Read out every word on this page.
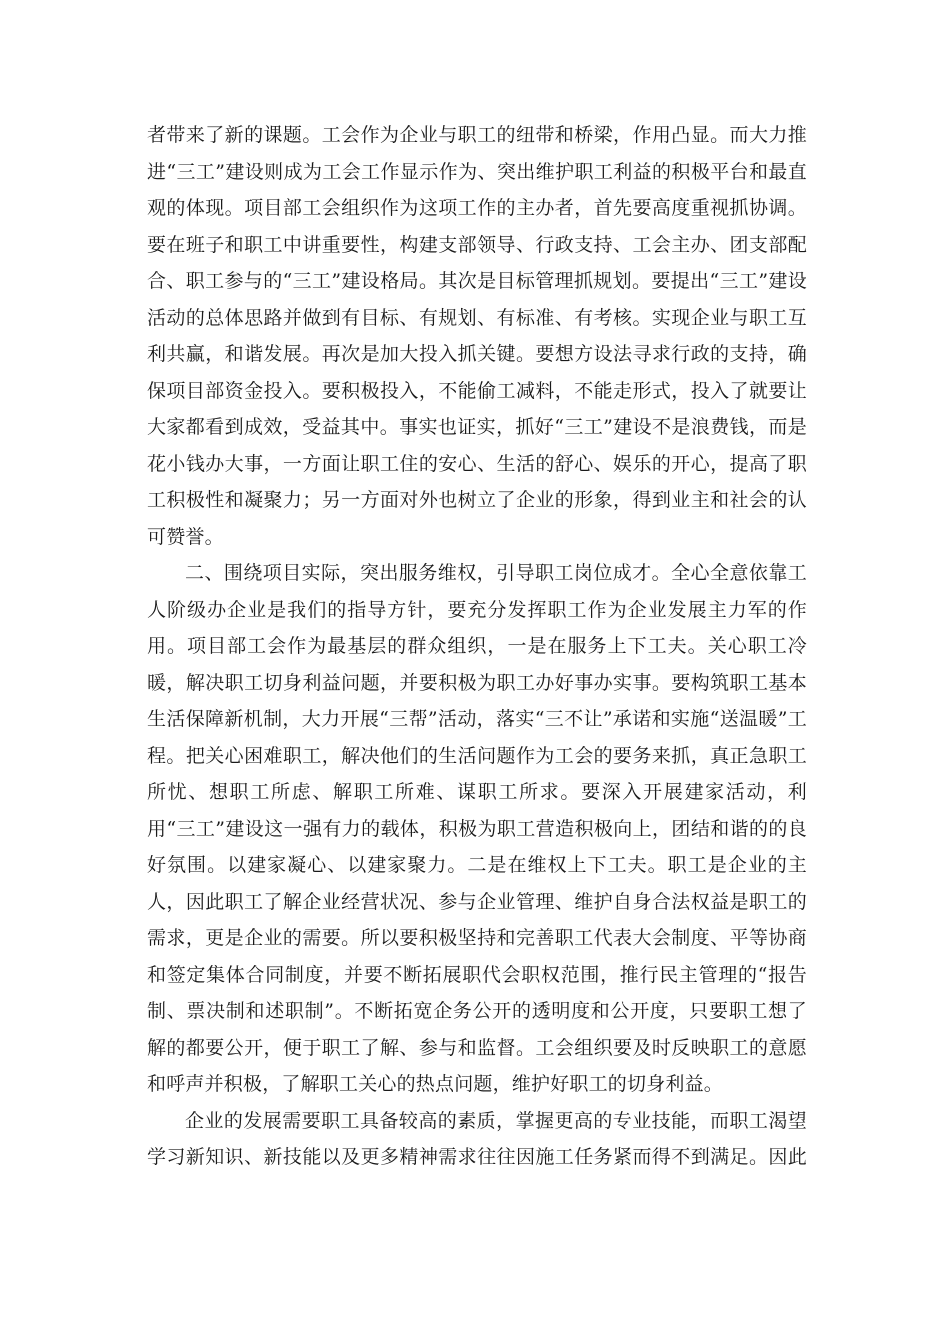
者带来了新的课题。工会作为企业与职工的纽带和桥梁，作用凸显。而大力推
进“三工”建设则成为工会工作显示作为、突出维护职工利益的积极平台和最直
观的体现。项目部工会组织作为这项工作的主办者，首先要高度重视抓协调。
要在班子和职工中讲重要性，构建支部领导、行政支持、工会主办、团支部配
合、职工参与的“三工”建设格局。其次是目标管理抓规划。要提出“三工”建设
活动的总体思路并做到有目标、有规划、有标准、有考核。实现企业与职工互
利共赢，和谐发展。再次是加大投入抓关键。要想方设法寻求行政的支持，确
保项目部资金投入。要积极投入，不能偷工减料，不能走形式，投入了就要让
大家都看到成效，受益其中。事实也证实，抓好“三工”建设不是浪费钱，而是
花小钱办大事，一方面让职工住的安心、生活的舒心、娱乐的开心，提高了职
工积极性和凝聚力；另一方面对外也树立了企业的形象，得到业主和社会的认
可赞誉。
二、围绕项目实际，突出服务维权，引导职工岗位成才。全心全意依靠工
人阶级办企业是我们的指导方针，要充分发挥职工作为企业发展主力军的作
用。项目部工会作为最基层的群众组织，一是在服务上下工夫。关心职工冷
暖，解决职工切身利益问题，并要积极为职工办好事办实事。要构筑职工基本
生活保障新机制，大力开展“三帮”活动，落实“三不让”承诺和实施“送温暖”工
程。把关心困难职工，解决他们的生活问题作为工会的要务来抓，真正急职工
所忧、想职工所虑、解职工所难、谋职工所求。要深入开展建家活动，利
用“三工”建设这一强有力的载体，积极为职工营造积极向上，团结和谐的的良
好氛围。以建家凝心、以建家聚力。二是在维权上下工夫。职工是企业的主
人，因此职工了解企业经营状况、参与企业管理、维护自身合法权益是职工的
需求，更是企业的需要。所以要积极坚持和完善职工代表大会制度、平等协商
和签定集体合同制度，并要不断拓展职代会职权范围，推行民主管理的“报告
制、票决制和述职制”。不断拓宽企务公开的透明度和公开度，只要职工想了
解的都要公开，便于职工了解、参与和监督。工会组织要及时反映职工的意愿
和呼声并积极，了解职工关心的热点问题，维护好职工的切身利益。
企业的发展需要职工具备较高的素质，掌握更高的专业技能，而职工渴望
学习新知识、新技能以及更多精神需求往往因施工任务紧而得不到满足。因此
